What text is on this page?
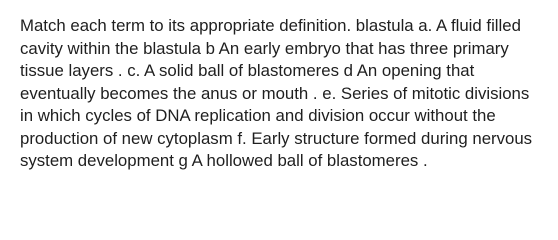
Match each term to its appropriate definition. blastula a. A fluid filled cavity within the blastula b An early embryo that has three primary tissue layers . c. A solid ball of blastomeres d An opening that eventually becomes the anus or mouth . e. Series of mitotic divisions in which cycles of DNA replication and division occur without the production of new cytoplasm f. Early structure formed during nervous system development g A hollowed ball of blastomeres .
